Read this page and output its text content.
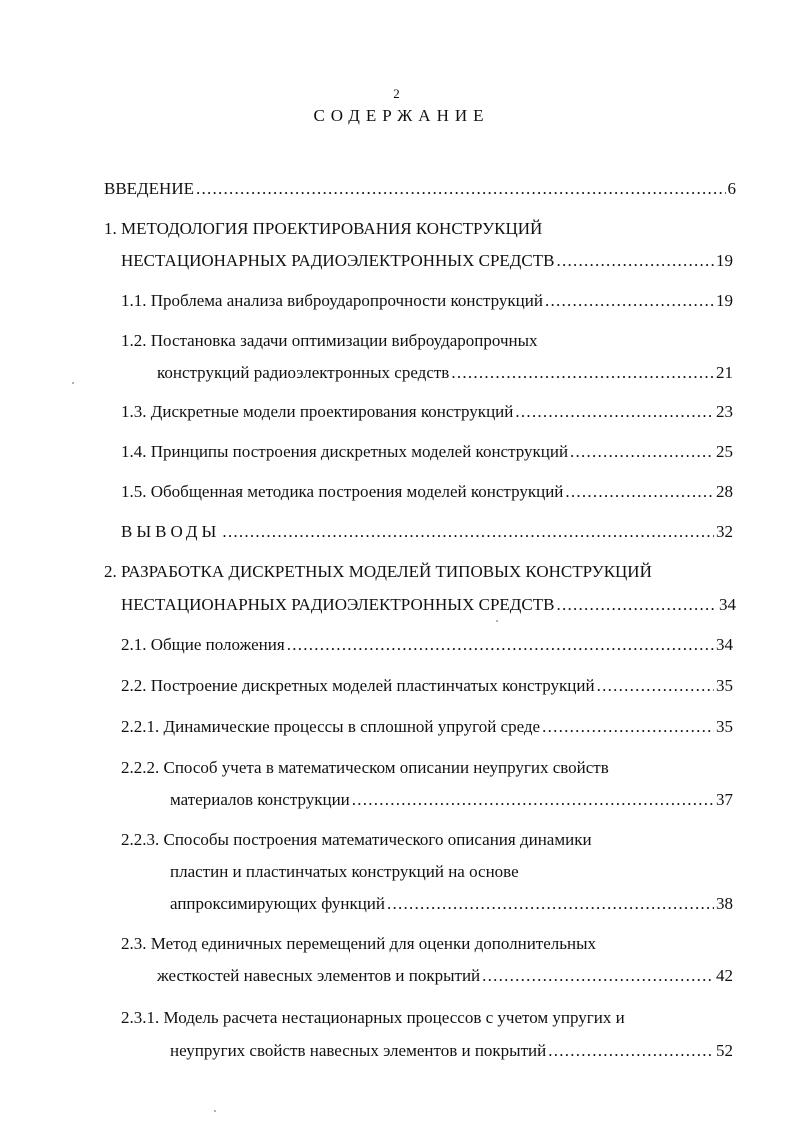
2
СОДЕРЖАНИЕ
ВВЕДЕНИЕ . . .	6
1. МЕТОДОЛОГИЯ ПРОЕКТИРОВАНИЯ КОНСТРУКЦИЙ
НЕСТАЦИОНАРНЫХ РАДИОЭЛЕКТРОННЫХ СРЕДСТВ . . .	19
1.1. Проблема анализа виброударопрочности конструкций . . .	19
1.2. Постановка задачи оптимизации виброударопрочных
конструкций радиоэлектронных средств . . .	21
1.3. Дискретные модели проектирования конструкций . . .	23
1.4. Принципы построения дискретных моделей конструкций . . .	25
1.5. Обобщенная методика построения моделей конструкций . . .	28
ВЫВОДЫ . . .	32
2. РАЗРАБОТКА ДИСКРЕТНЫХ МОДЕЛЕЙ ТИПОВЫХ КОНСТРУКЦИЙ
НЕСТАЦИОНАРНЫХ РАДИОЭЛЕКТРОННЫХ СРЕДСТВ . . .	34
2.1. Общие положения . . .	34
2.2. Построение дискретных моделей пластинчатых конструкций . . .	35
2.2.1. Динамические процессы в сплошной упругой среде . . .	35
2.2.2. Способ учета в математическом описании неупругих свойств
материалов конструкции . . .	37
2.2.3. Способы построения математического описания динамики
пластин и пластинчатых конструкций на основе
аппроксимирующих функций . . .	38
2.3. Метод единичных перемещений для оценки дополнительных
жесткостей навесных элементов и покрытий . . .	42
2.3.1. Модель расчета нестационарных процессов с учетом упругих и
неупругих свойств навесных элементов и покрытий . . .	52
